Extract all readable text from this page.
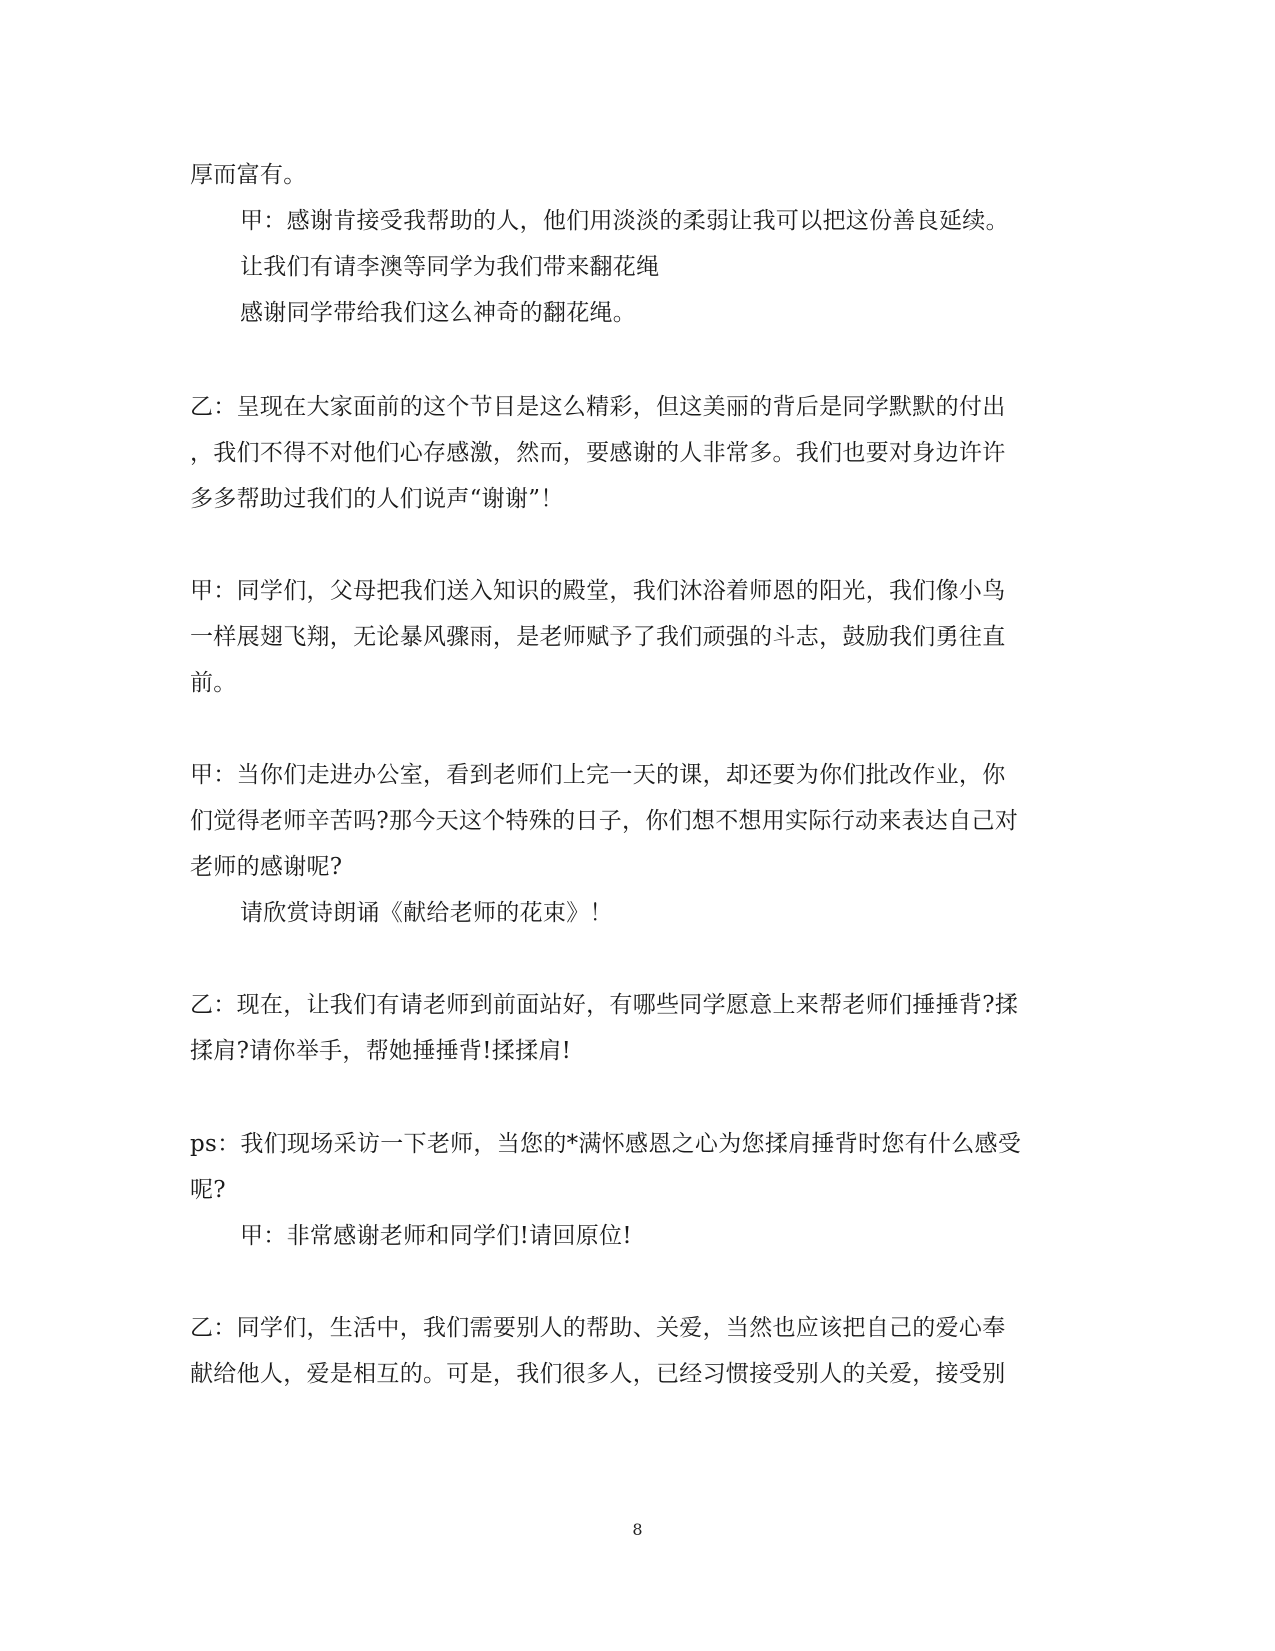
厚而富有。
甲：感谢肯接受我帮助的人，他们用淡淡的柔弱让我可以把这份善良延续。
让我们有请李澳等同学为我们带来翻花绳
感谢同学带给我们这么神奇的翻花绳。
乙：呈现在大家面前的这个节目是这么精彩，但这美丽的背后是同学默默的付出
，我们不得不对他们心存感激，然而，要感谢的人非常多。我们也要对身边许许
多多帮助过我们的人们说声“谢谢”！
甲：同学们，父母把我们送入知识的殿堂，我们沐浴着师恩的阳光，我们像小鸟
一样展翅飞翔，无论暴风骤雨，是老师赋予了我们顽强的斗志，鼓励我们勇往直
前。
甲：当你们走进办公室，看到老师们上完一天的课，却还要为你们批改作业，你
们觉得老师辛苦吗?那今天这个特殊的日子，你们想不想用实际行动来表达自己对
老师的感谢呢?
请欣赏诗朗诵《献给老师的花束》！
乙：现在，让我们有请老师到前面站好，有哪些同学愿意上来帮老师们捶捶背?揉
揉肩?请你举手，帮她捶捶背!揉揉肩!
ps：我们现场采访一下老师，当您的*满怀感恩之心为您揉肩捶背时您有什么感受
呢?
甲：非常感谢老师和同学们!请回原位!
乙：同学们，生活中，我们需要别人的帮助、关爱，当然也应该把自己的爱心奉
献给他人，爱是相互的。可是，我们很多人，已经习惯接受别人的关爱，接受别
8
